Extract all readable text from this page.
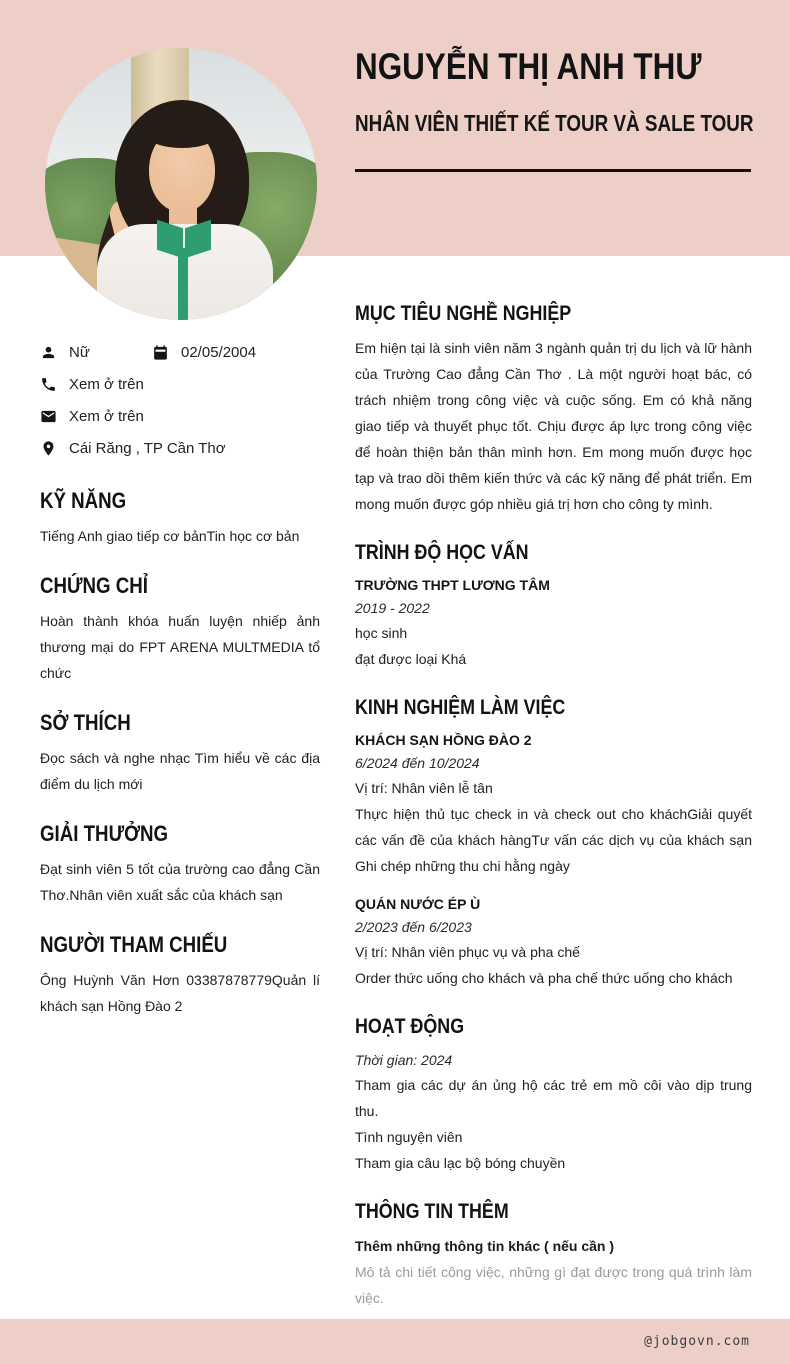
NGUYỄN THỊ ANH THƯ
NHÂN VIÊN THIẾT KẾ TOUR VÀ SALE TOUR
Nữ	02/05/2004
Xem ở trên
Xem ở trên
Cái Răng , TP Cần Thơ
KỸ NĂNG
Tiếng Anh giao tiếp cơ bảnTin học cơ bản
CHỨNG CHỈ
Hoàn thành khóa huấn luyện nhiếp ảnh thương mại do FPT ARENA MULTMEDIA tổ chức
SỞ THÍCH
Đọc sách và nghe nhạc Tìm hiểu về các địa điểm du lịch mới
GIẢI THƯỞNG
Đạt sinh viên 5 tốt của trường cao đẳng Cần Thơ.Nhân viên xuất sắc của khách sạn
NGƯỜI THAM CHIẾU
Ông Huỳnh Văn Hơn 03387878779Quản lí khách sạn Hồng Đào 2
MỤC TIÊU NGHỀ NGHIỆP
Em hiện tại là sinh viên năm 3 ngành quản trị du lịch và lữ hành của Trường Cao đẳng Cần Thơ . Là một người hoạt bác, có trách nhiệm trong công việc và cuộc sống. Em có khả năng giao tiếp và thuyết phục tốt. Chịu được áp lực trong công việc để hoàn thiện bản thân mình hơn. Em mong muốn được học tạp và trao dồi thêm kiến thức và các kỹ năng để phát triển. Em mong muốn được góp nhiều giá trị hơn cho công ty mình.
TRÌNH ĐỘ HỌC VẤN
TRƯỜNG THPT LƯƠNG TÂM
2019 - 2022
học sinh
đạt được loại Khá
KINH NGHIỆM LÀM VIỆC
KHÁCH SẠN HỒNG ĐÀO 2
6/2024 đến 10/2024
Vị trí: Nhân viên lễ tân
Thực hiện thủ tục check in và check out cho kháchGiải quyết các vấn đề của khách hàngTư vấn các dịch vụ của khách sạn Ghi chép những thu chi hằng ngày
QUÁN NƯỚC ÉP Ù
2/2023 đến 6/2023
Vị trí: Nhân viên phục vụ và pha chế
Order thức uống cho khách và pha chế thức uống cho khách
HOẠT ĐỘNG
Thời gian: 2024
Tham gia các dự án ủng hộ các trẻ em mồ côi vào dịp trung thu.
Tình nguyện viên
Tham gia câu lạc bộ bóng chuyền
THÔNG TIN THÊM
Thêm những thông tin khác ( nếu cần )
Mô tả chi tiết công việc, những gì đạt được trong quá trình làm việc.
@jobgovn.com
